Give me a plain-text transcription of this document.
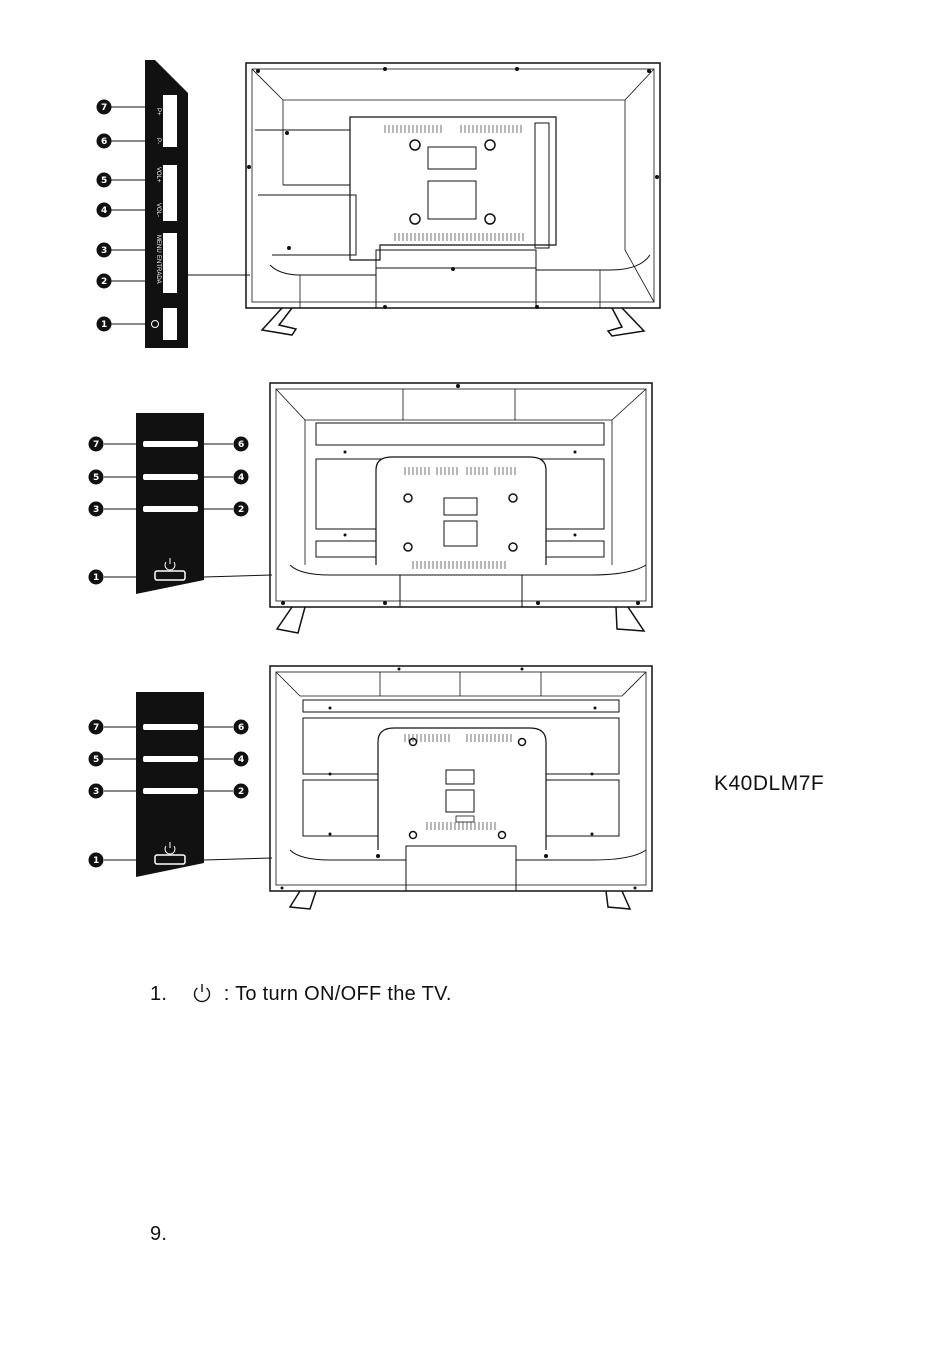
P+
P-
VOL+
VOL-
MENU
ENTRADA
7
6
5
4
3
2
1
7
5
3
1
6
4
2
7
5
3
1
6
4
2	K40DLM7F
1.	: To turn ON/OFF the TV.
9.
